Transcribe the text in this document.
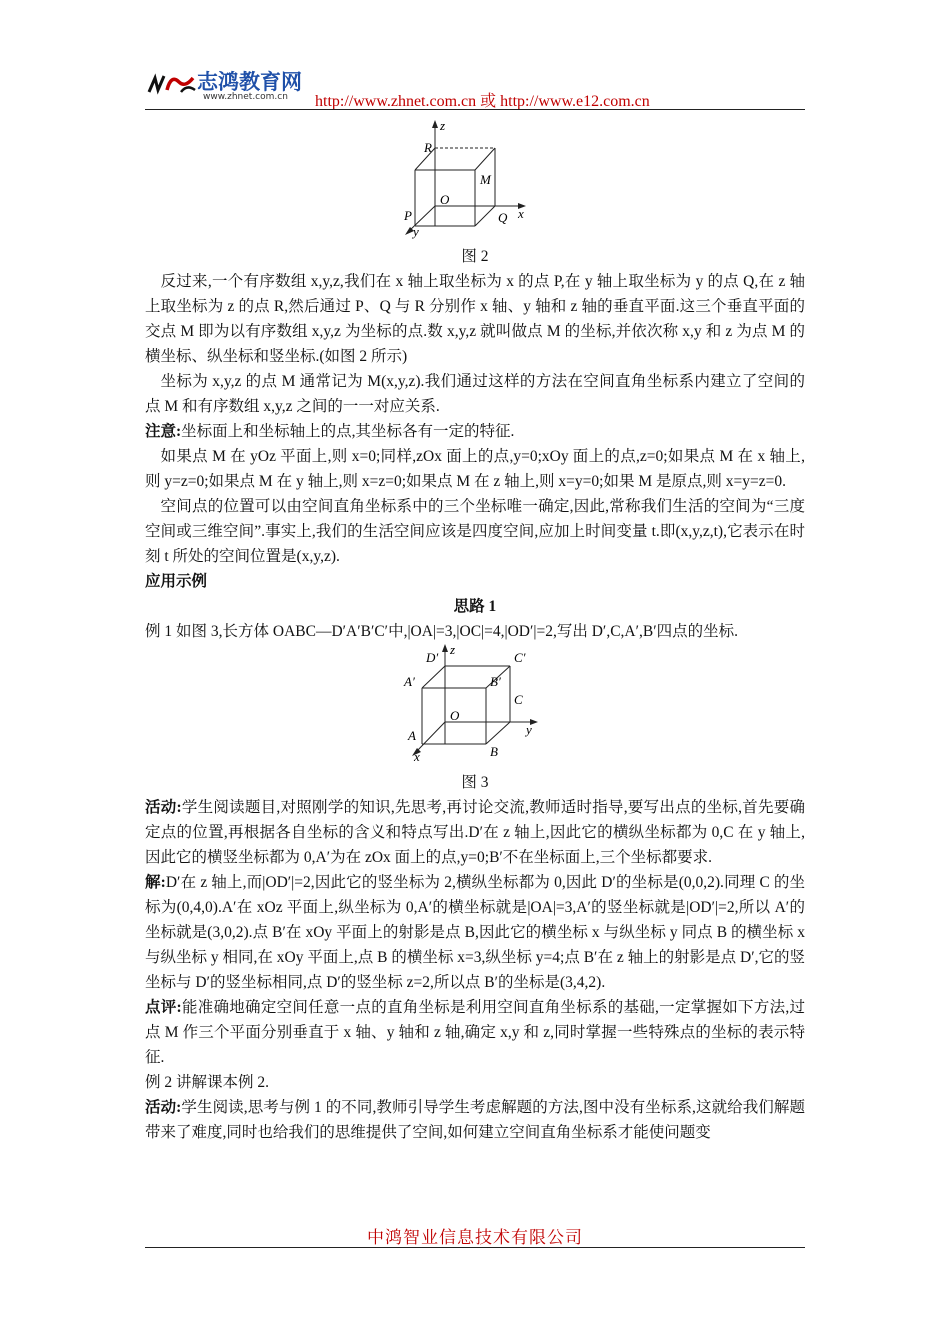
志鸿教育网
www.zhnet.com.cn http://www.zhnet.com.cn 或 http://www.e12.com.cn
z
R
M
O
Q x
P
y

图 2

反过来,一个有序数组 x,y,z,我们在 x 轴上取坐标为 x 的点 P,在 y 轴上取坐标为 y 的点 Q,在 z 轴上取坐标为 z 的点 R,然后通过 P、Q 与 R 分别作 x 轴、y 轴和 z 轴的垂直平面.这三个垂直平面的交点 M 即为以有序数组 x,y,z 为坐标的点.数 x,y,z 就叫做点 M 的坐标,并依次称 x,y 和 z 为点 M 的横坐标、纵坐标和竖坐标.(如图 2 所示)

坐标为 x,y,z 的点 M 通常记为 M(x,y,z).我们通过这样的方法在空间直角坐标系内建立了空间的点 M 和有序数组 x,y,z 之间的一一对应关系.

注意:坐标面上和坐标轴上的点,其坐标各有一定的特征.

如果点 M 在 yOz 平面上,则 x=0;同样,zOx 面上的点,y=0;xOy 面上的点,z=0;如果点 M 在 x 轴上,则 y=z=0;如果点 M 在 y 轴上,则 x=z=0;如果点 M 在 z 轴上,则 x=y=0;如果 M 是原点,则 x=y=z=0.

空间点的位置可以由空间直角坐标系中的三个坐标唯一确定,因此,常称我们生活的空间为“三度空间或三维空间”.事实上,我们的生活空间应该是四度空间,应加上时间变量 t.即(x,y,z,t),它表示在时刻 t 所处的空间位置是(x,y,z).

应用示例

思路 1

例 1 如图 3,长方体 OABC—D′A′B′C′中,|OA|=3,|OC|=4,|OD′|=2,写出 D′,C,A′,B′四点的坐标.

z
D′	C′
A′	B′
O
C
y
A
B
x

图 3

活动:学生阅读题目,对照刚学的知识,先思考,再讨论交流,教师适时指导,要写出点的坐标,首先要确定点的位置,再根据各自坐标的含义和特点写出.D′在 z 轴上,因此它的横纵坐标都为 0,C 在 y 轴上,因此它的横竖坐标都为 0,A′为在 zOx 面上的点,y=0;B′不在坐标面上,三个坐标都要求.

解:D′在 z 轴上,而|OD′|=2,因此它的竖坐标为 2,横纵坐标都为 0,因此 D′的坐标是(0,0,2).同理 C 的坐标为(0,4,0).A′在 xOz 平面上,纵坐标为 0,A′的横坐标就是|OA|=3,A′的竖坐标就是|OD′|=2,所以 A′的坐标就是(3,0,2).点 B′在 xOy 平面上的射影是点 B,因此它的横坐标 x 与纵坐标 y 同点 B 的横坐标 x 与纵坐标 y 相同,在 xOy 平面上,点 B 的横坐标 x=3,纵坐标 y=4;点 B′在 z 轴上的射影是点 D′,它的竖坐标与 D′的竖坐标相同,点 D′的竖坐标 z=2,所以点 B′的坐标是(3,4,2).

点评:能准确地确定空间任意一点的直角坐标是利用空间直角坐标系的基础,一定掌握如下方法,过点 M 作三个平面分别垂直于 x 轴、y 轴和 z 轴,确定 x,y 和 z,同时掌握一些特殊点的坐标的表示特征.

例 2 讲解课本例 2.

活动:学生阅读,思考与例 1 的不同,教师引导学生考虑解题的方法,图中没有坐标系,这就给我们解题带来了难度,同时也给我们的思维提供了空间,如何建立空间直角坐标系才能使问题变

中鸿智业信息技术有限公司
